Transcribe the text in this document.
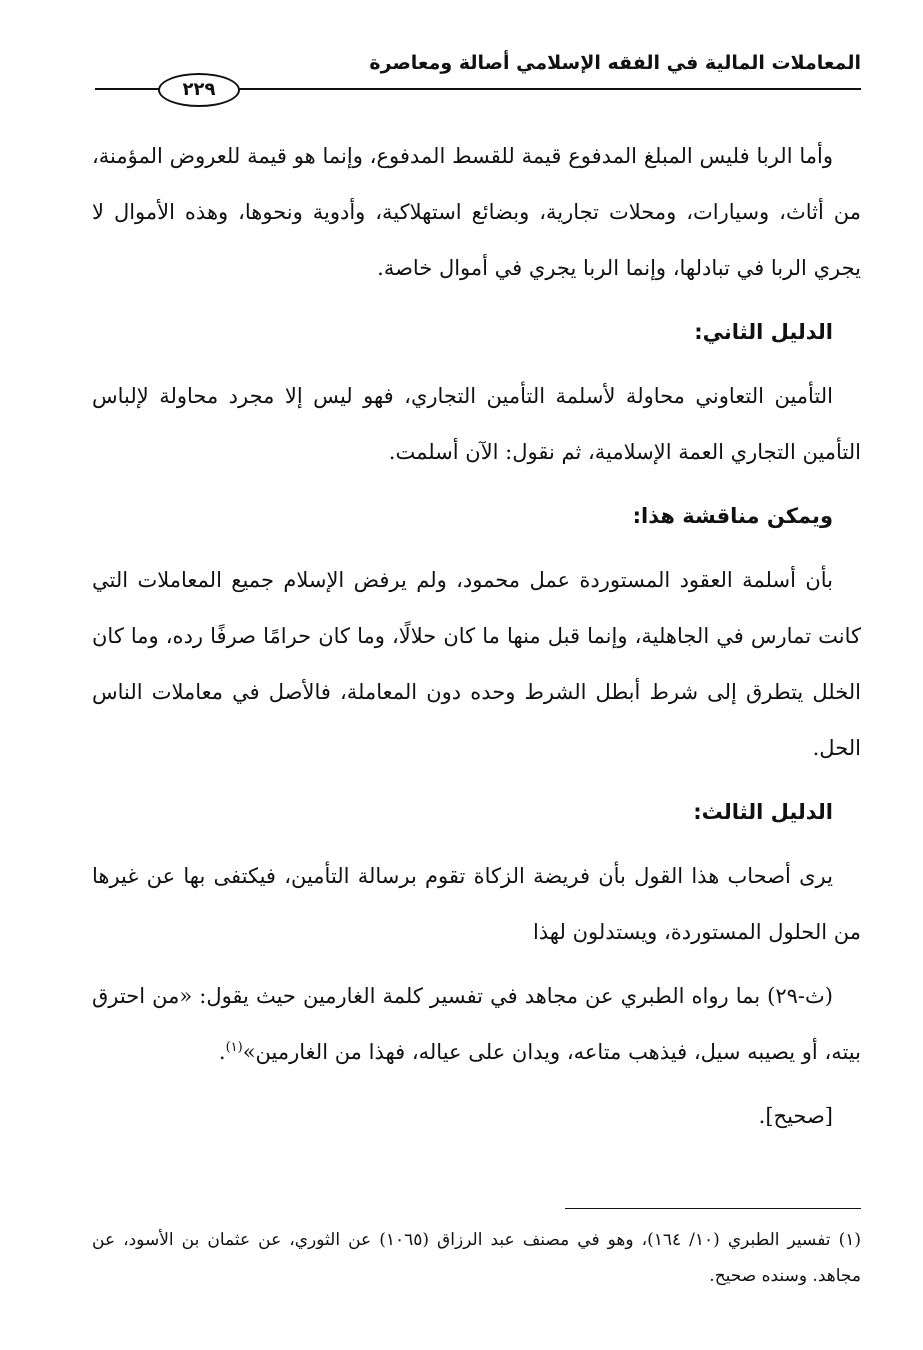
المعاملات المالية في الفقه الإسلامي أصالة ومعاصرة
٢٢٩

وأما الربا فليس المبلغ المدفوع قيمة للقسط المدفوع، وإنما هو قيمة للعروض المؤمنة، من أثاث، وسيارات، ومحلات تجارية، وبضائع استهلاكية، وأدوية ونحوها، وهذه الأموال لا يجري الربا في تبادلها، وإنما الربا يجري في أموال خاصة.

الدليل الثاني:

التأمين التعاوني محاولة لأسلمة التأمين التجاري، فهو ليس إلا مجرد محاولة لإلباس التأمين التجاري العمة الإسلامية، ثم نقول: الآن أسلمت.

ويمكن مناقشة هذا:

بأن أسلمة العقود المستوردة عمل محمود، ولم يرفض الإسلام جميع المعاملات التي كانت تمارس في الجاهلية، وإنما قبل منها ما كان حلالًا، وما كان حرامًا صرفًا رده، وما كان الخلل يتطرق إلى شرط أبطل الشرط وحده دون المعاملة، فالأصل في معاملات الناس الحل.

الدليل الثالث:

يرى أصحاب هذا القول بأن فريضة الزكاة تقوم برسالة التأمين، فيكتفى بها عن غيرها من الحلول المستوردة، ويستدلون لهذا

(ث-٢٩) بما رواه الطبري عن مجاهد في تفسير كلمة الغارمين حيث يقول: «من احترق بيته، أو يصيبه سيل، فيذهب متاعه، ويدان على عياله، فهذا من الغارمين»$^{(١)}$.

[صحيح].

(١) تفسير الطبري (١٠/ ١٦٤)، وهو في مصنف عبد الرزاق (١٠٦٥) عن الثوري، عن عثمان بن الأسود، عن مجاهد. وسنده صحيح.
